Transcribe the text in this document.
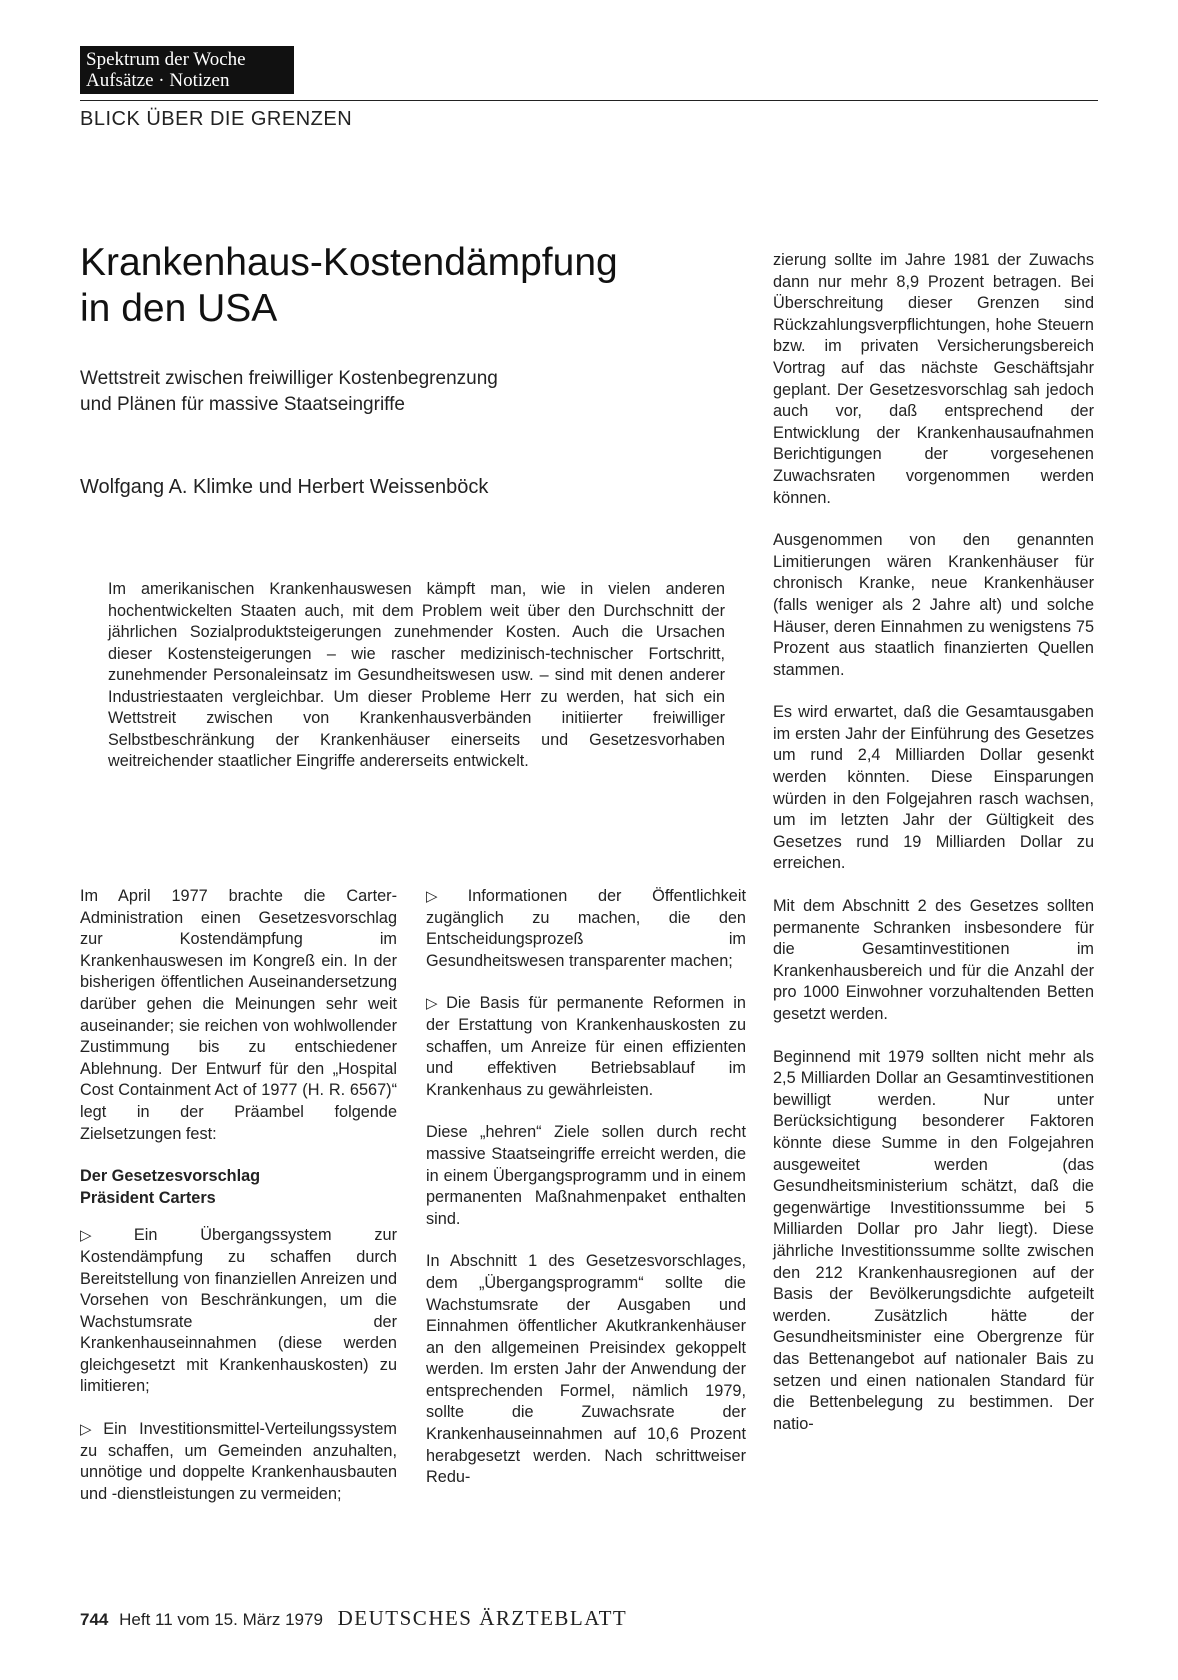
Spektrum der Woche
Aufsätze · Notizen
BLICK ÜBER DIE GRENZEN
Krankenhaus-Kostendämpfung
in den USA
Wettstreit zwischen freiwilliger Kostenbegrenzung
und Plänen für massive Staatseingriffe
Wolfgang A. Klimke und Herbert Weissenböck
Im amerikanischen Krankenhauswesen kämpft man, wie in vielen anderen hochentwickelten Staaten auch, mit dem Problem weit über den Durchschnitt der jährlichen Sozialproduktsteigerungen zunehmender Kosten. Auch die Ursachen dieser Kostensteigerungen – wie rascher medizinisch-technischer Fortschritt, zunehmender Personaleinsatz im Gesundheitswesen usw. – sind mit denen anderer Industriestaaten vergleichbar. Um dieser Probleme Herr zu werden, hat sich ein Wettstreit zwischen von Krankenhausverbänden initiierter freiwilliger Selbstbeschränkung der Krankenhäuser einerseits und Gesetzesvorhaben weitreichender staatlicher Eingriffe andererseits entwickelt.

Im April 1977 brachte die Carter-Administration einen Gesetzesvorschlag zur Kostendämpfung im Krankenhauswesen im Kongreß ein. In der bisherigen öffentlichen Auseinandersetzung darüber gehen die Meinungen sehr weit auseinander; sie reichen von wohlwollender Zustimmung bis zu entschiedener Ablehnung. Der Entwurf für den „Hospital Cost Containment Act of 1977 (H. R. 6567)“ legt in der Präambel folgende Zielsetzungen fest:

Der Gesetzesvorschlag
Präsident Carters

▷ Ein Übergangssystem zur Kostendämpfung zu schaffen durch Bereitstellung von finanziellen Anreizen und Vorsehen von Beschränkungen, um die Wachstumsrate der Krankenhauseinnahmen (diese werden gleichgesetzt mit Krankenhauskosten) zu limitieren;

▷ Ein Investitionsmittel-Verteilungssystem zu schaffen, um Gemeinden anzuhalten, unnötige und doppelte Krankenhausbauten und -dienstleistungen zu vermeiden;

▷ Informationen der Öffentlichkeit zugänglich zu machen, die den Entscheidungsprozeß im Gesundheitswesen transparenter machen;

▷ Die Basis für permanente Reformen in der Erstattung von Krankenhauskosten zu schaffen, um Anreize für einen effizienten und effektiven Betriebsablauf im Krankenhaus zu gewährleisten.

Diese „hehren“ Ziele sollen durch recht massive Staatseingriffe erreicht werden, die in einem Übergangsprogramm und in einem permanenten Maßnahmenpaket enthalten sind.

In Abschnitt 1 des Gesetzesvorschlages, dem „Übergangsprogramm“ sollte die Wachstumsrate der Ausgaben und Einnahmen öffentlicher Akutkrankenhäuser an den allgemeinen Preisindex gekoppelt werden. Im ersten Jahr der Anwendung der entsprechenden Formel, nämlich 1979, sollte die Zuwachsrate der Krankenhauseinnahmen auf 10,6 Prozent herabgesetzt werden. Nach schrittweiser Redu-

zierung sollte im Jahre 1981 der Zuwachs dann nur mehr 8,9 Prozent betragen. Bei Überschreitung dieser Grenzen sind Rückzahlungsverpflichtungen, hohe Steuern bzw. im privaten Versicherungsbereich Vortrag auf das nächste Geschäftsjahr geplant. Der Gesetzesvorschlag sah jedoch auch vor, daß entsprechend der Entwicklung der Krankenhausaufnahmen Berichtigungen der vorgesehenen Zuwachsraten vorgenommen werden können.

Ausgenommen von den genannten Limitierungen wären Krankenhäuser für chronisch Kranke, neue Krankenhäuser (falls weniger als 2 Jahre alt) und solche Häuser, deren Einnahmen zu wenigstens 75 Prozent aus staatlich finanzierten Quellen stammen.

Es wird erwartet, daß die Gesamtausgaben im ersten Jahr der Einführung des Gesetzes um rund 2,4 Milliarden Dollar gesenkt werden könnten. Diese Einsparungen würden in den Folgejahren rasch wachsen, um im letzten Jahr der Gültigkeit des Gesetzes rund 19 Milliarden Dollar zu erreichen.

Mit dem Abschnitt 2 des Gesetzes sollten permanente Schranken insbesondere für die Gesamtinvestitionen im Krankenhausbereich und für die Anzahl der pro 1000 Einwohner vorzuhaltenden Betten gesetzt werden.

Beginnend mit 1979 sollten nicht mehr als 2,5 Milliarden Dollar an Gesamtinvestitionen bewilligt werden. Nur unter Berücksichtigung besonderer Faktoren könnte diese Summe in den Folgejahren ausgeweitet werden (das Gesundheitsministerium schätzt, daß die gegenwärtige Investitionssumme bei 5 Milliarden Dollar pro Jahr liegt). Diese jährliche Investitionssumme sollte zwischen den 212 Krankenhausregionen auf der Basis der Bevölkerungsdichte aufgeteilt werden. Zusätzlich hätte der Gesundheitsminister eine Obergrenze für das Bettenangebot auf nationaler Bais zu setzen und einen nationalen Standard für die Bettenbelegung zu bestimmen. Der natio-

744 Heft 11 vom 15. März 1979 DEUTSCHES ÄRZTEBLATT
